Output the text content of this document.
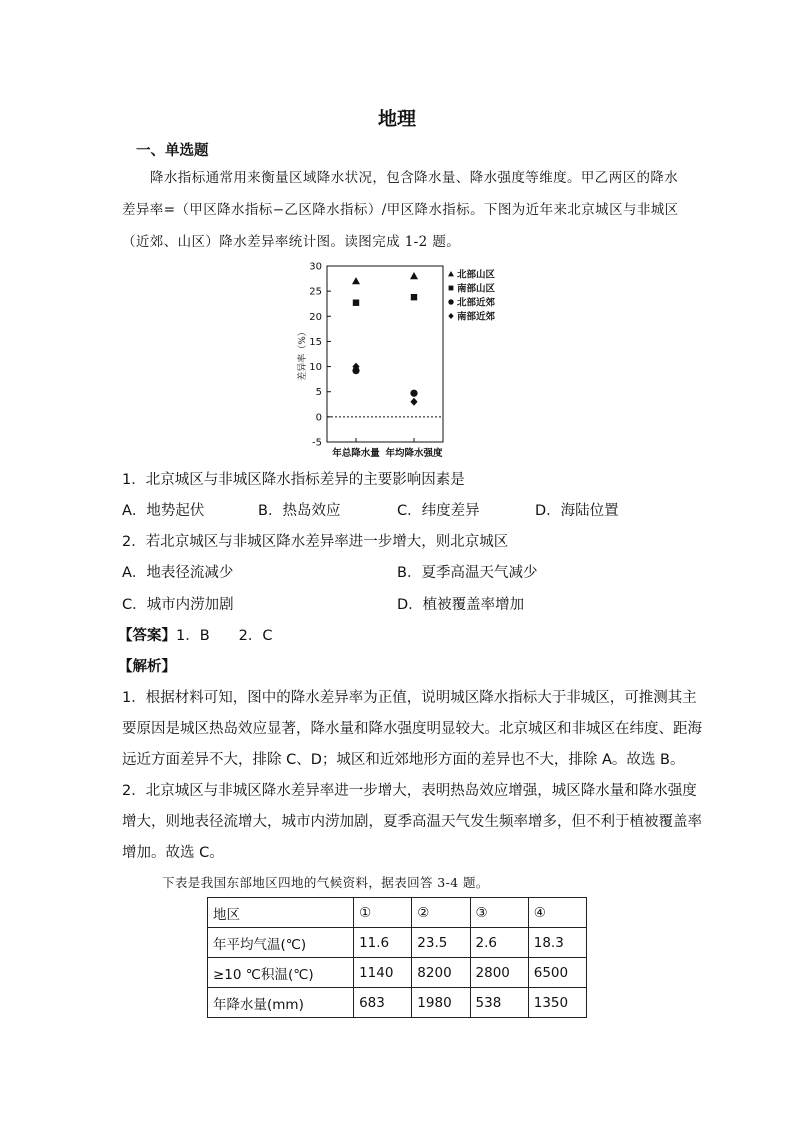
地理
一、单选题
降水指标通常用来衡量区域降水状况，包含降水量、降水强度等维度。甲乙两区的降水
差异率=（甲区降水指标−乙区降水指标）/甲区降水指标。下图为近年来北京城区与非城区
（近郊、山区）降水差异率统计图。读图完成 1-2 题。
-5
0
5
10
15
20
25
30
差异率（%）
年总降水量 年均降水强度
北部山区
南部山区
北部近郊
南部近郊
1．北京城区与非城区降水指标差异的主要影响因素是
A．地势起伏	B．热岛效应	C．纬度差异	D．海陆位置
2．若北京城区与非城区降水差异率进一步增大，则北京城区
A．地表径流减少	B．夏季高温天气减少
C．城市内涝加剧	D．植被覆盖率增加
【答案】1．B　　2．C
【解析】
1．根据材料可知，图中的降水差异率为正值，说明城区降水指标大于非城区，可推测其主
要原因是城区热岛效应显著，降水量和降水强度明显较大。北京城区和非城区在纬度、距海
远近方面差异不大，排除 C、D；城区和近郊地形方面的差异也不大，排除 A。故选 B。
2．北京城区与非城区降水差异率进一步增大，表明热岛效应增强，城区降水量和降水强度
增大，则地表径流增大，城市内涝加剧，夏季高温天气发生频率增多，但不利于植被覆盖率
增加。故选 C。
下表是我国东部地区四地的气候资料，据表回答 3-4 题。
地区	①	②	③	④
年平均气温(℃)	11.6	23.5	2.6	18.3
≥10 ℃积温(℃)	1140	8200	2800	6500
年降水量(mm)	683	1980	538	1350
